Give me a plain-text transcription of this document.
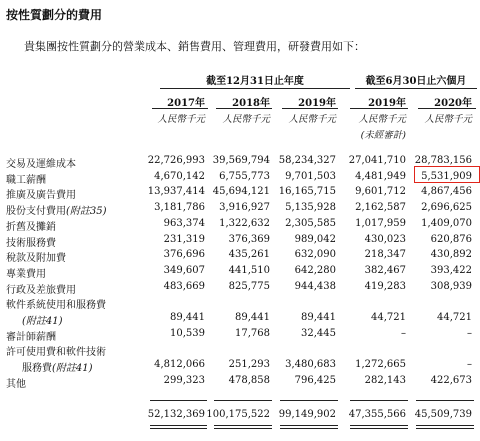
按性質劃分的費用
貴集團按性質劃分的營業成本、銷售費用、管理費用，研發費用如下：
截至12月31日止年度	截至6月30日止六個月
2017年	2018年	2019年	2019年	2020年
人民幣千元 人民幣千元 人民幣千元 人民幣千元 人民幣千元
(未經審計)
交易及運維成本	22,726,993 39,569,794 58,234,327 27,041,710 28,783,156
職工薪酬	4,670,142 6,755,773 9,701,503 4,481,949 5,531,909
推廣及廣告費用	13,937,414 45,694,121 16,165,715 9,601,712 4,867,456
股份支付費用(附註35)	3,181,786 3,916,927 5,135,928 2,162,587 2,696,625
折舊及攤銷	963,374 1,322,632 2,305,585 1,017,959 1,409,070
技術服務費	231,319 376,369 989,042	430,023 620,876
稅款及附加費	376,696 435,261 632,090	218,347 430,892
專業費用	349,607 441,510 642,280	382,467 393,422
行政及差旅費用	483,669 825,775 944,438	419,283 308,939
軟件系統使用和服務費
(附註41)	89,441	89,441	89,441	44,721	44,721
審計師薪酬	10,539	17,768	32,445	–	–
許可使用費和軟件技術
服務費(附註41)	4,812,066 251,293 3,480,683 1,272,665	–
其他	299,323 478,858 796,425	282,143 422,673
52,132,369 100,175,522 99,149,902 47,355,566 45,509,739
